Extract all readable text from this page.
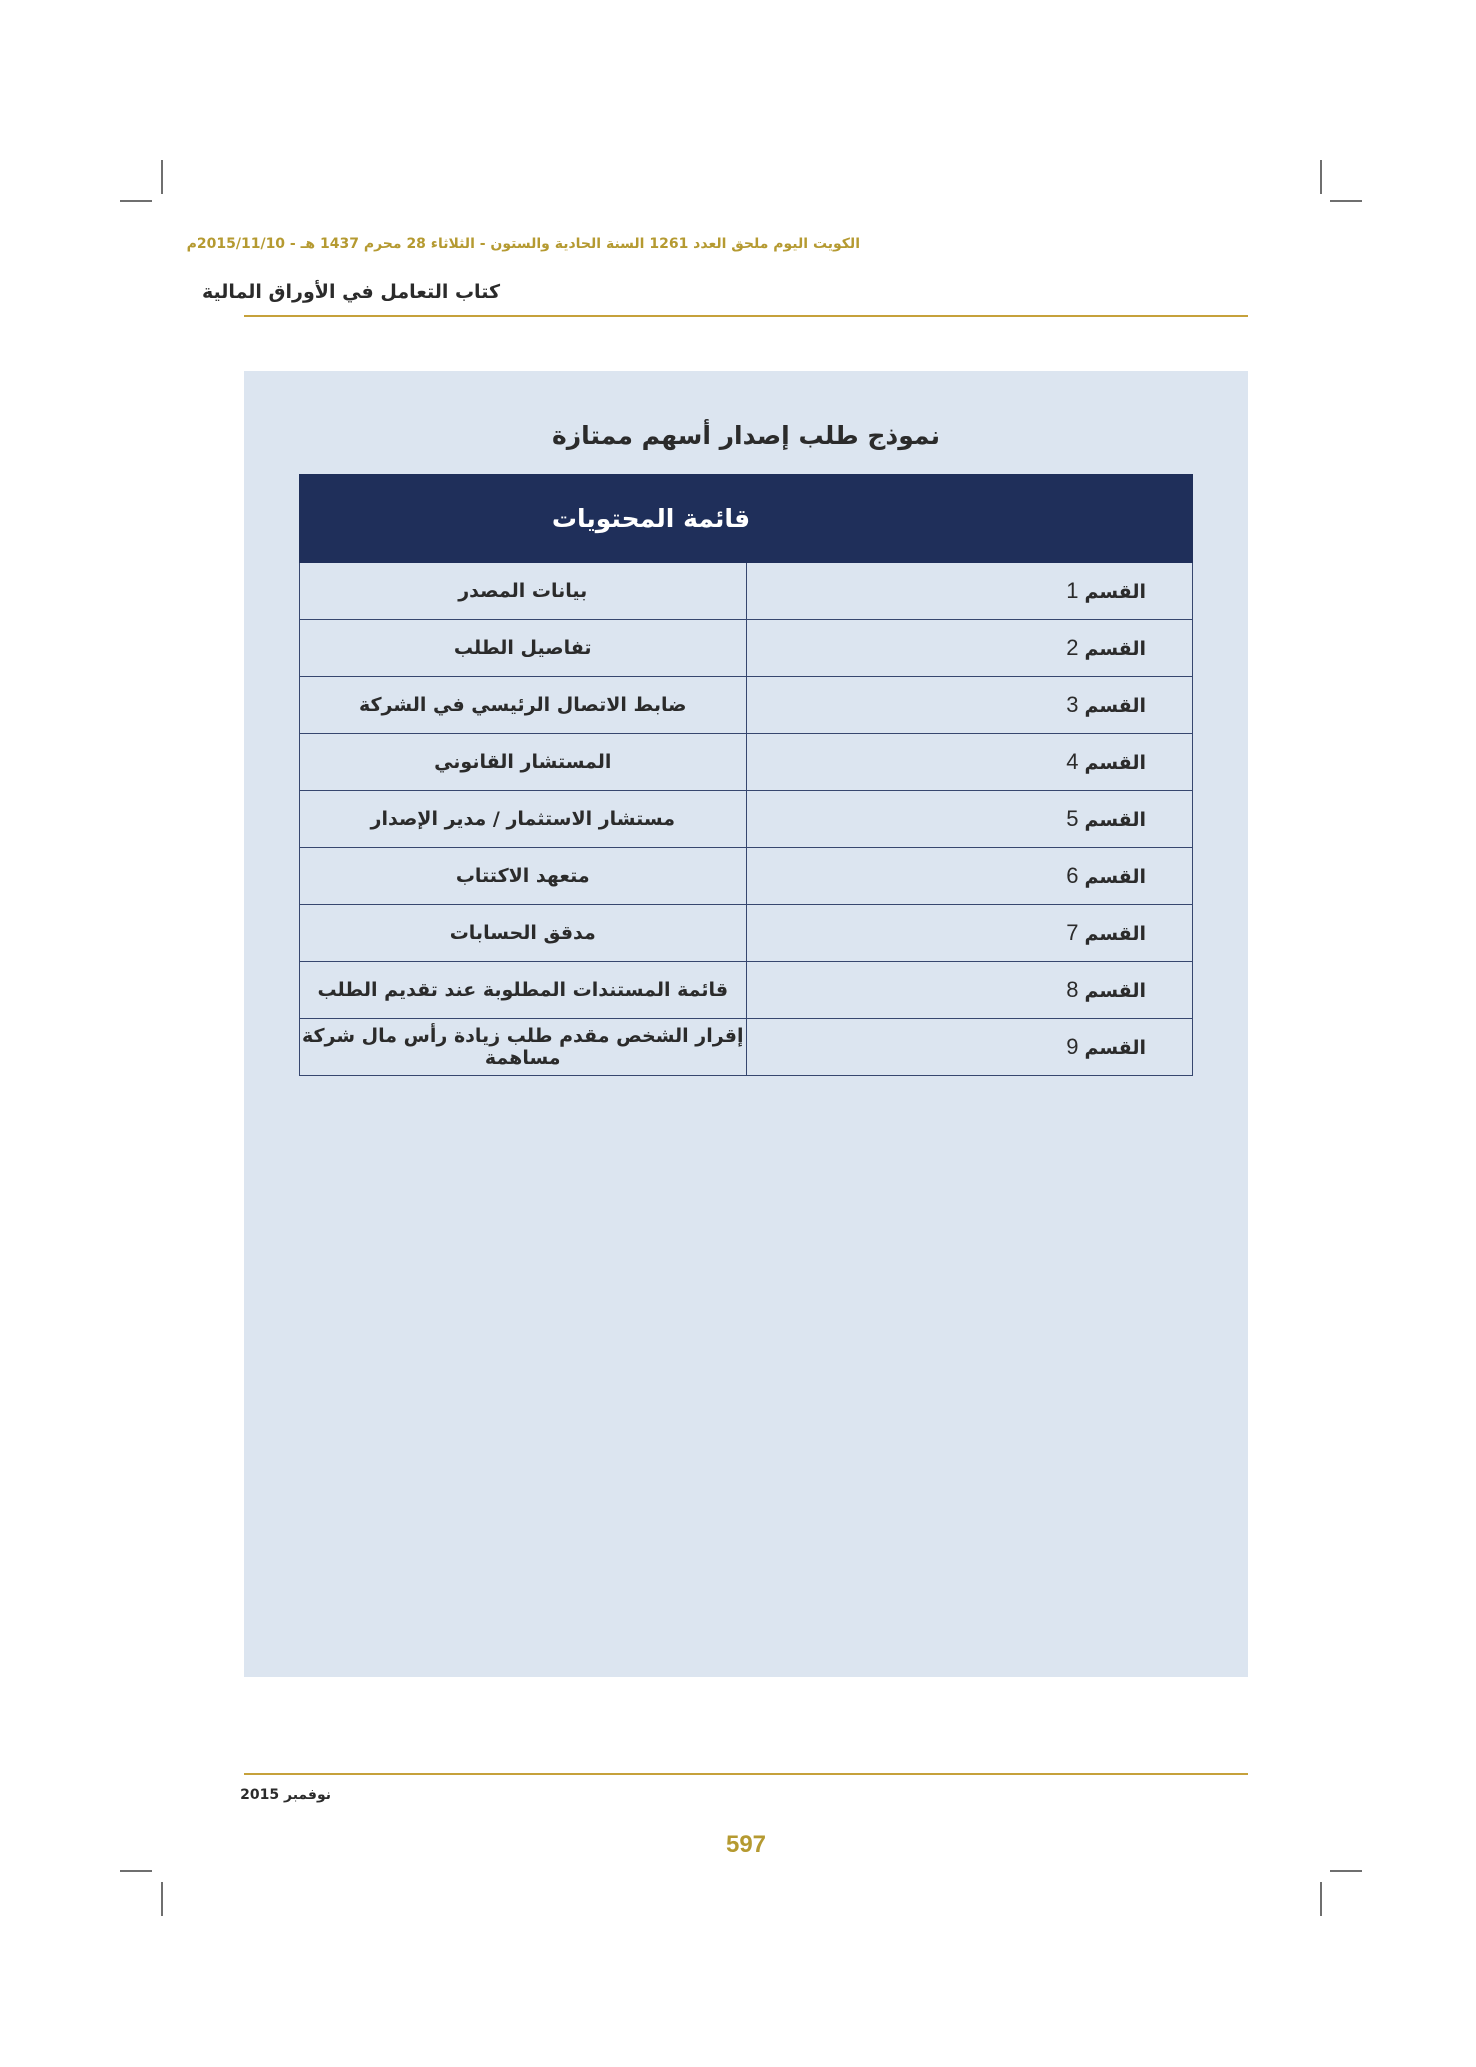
الكويت اليوم ملحق العدد 1261 السنة الحادية والستون - الثلاثاء 28 محرم 1437 هـ - 2015/11/10م
كتاب التعامل في الأوراق المالية
نموذج طلب إصدار أسهم ممتازة
قائمة المحتويات	
القسم1	بيانات المصدر
القسم2	تفاصيل الطلب
القسم3	ضابط الاتصال الرئيسي في الشركة
القسم4	المستشار القانوني
القسم5	مستشار الاستثمار / مدير الإصدار
القسم6	متعهد الاكتتاب
القسم7	مدقق الحسابات
القسم8	قائمة المستندات المطلوبة عند تقديم الطلب
القسم9	إقرار الشخص مقدم طلب زيادة رأس مال شركة مساهمة
نوفمبر 2015
597
